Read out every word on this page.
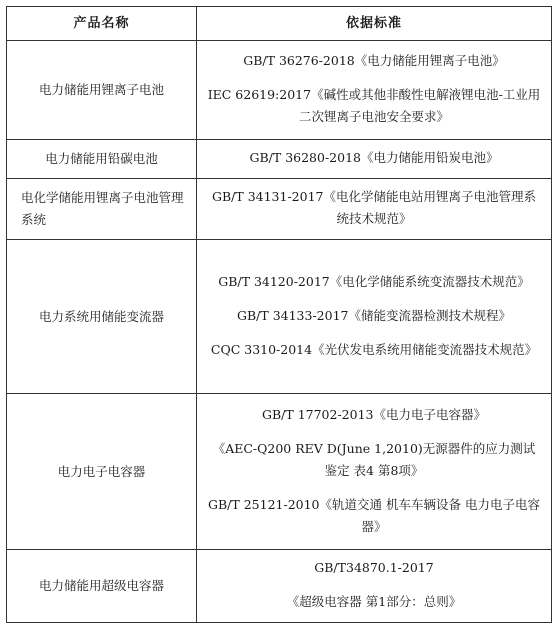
产品名称	依据标准
电力储能用锂离子电池	GB/T 36276-2018《电力储能用锂离子电池》
IEC 62619:2017《碱性或其他非酸性电解液锂电池-工业用二次锂离子电池安全要求》

电力储能用铅碳电池	GB/T 36280-2018《电力储能用铅炭电池》

电化学储能用锂离子电池管理系统	GB/T 34131-2017《电化学储能电站用锂离子电池管理系统技术规范》

电力系统用储能变流器	GB/T 34120-2017《电化学储能系统变流器技术规范》
GB/T 34133-2017《储能变流器检测技术规程》
CQC 3310-2014《光伏发电系统用储能变流器技术规范》

电力电子电容器	GB/T 17702-2013《电力电子电容器》
《AEC-Q200 REV D(June 1,2010)无源器件的应力测试鉴定 表4 第8项》
GB/T 25121-2010《轨道交通 机车车辆设备 电力电子电容器》

电力储能用超级电容器	GB/T34870.1-2017
《超级电容器 第1部分：总则》
